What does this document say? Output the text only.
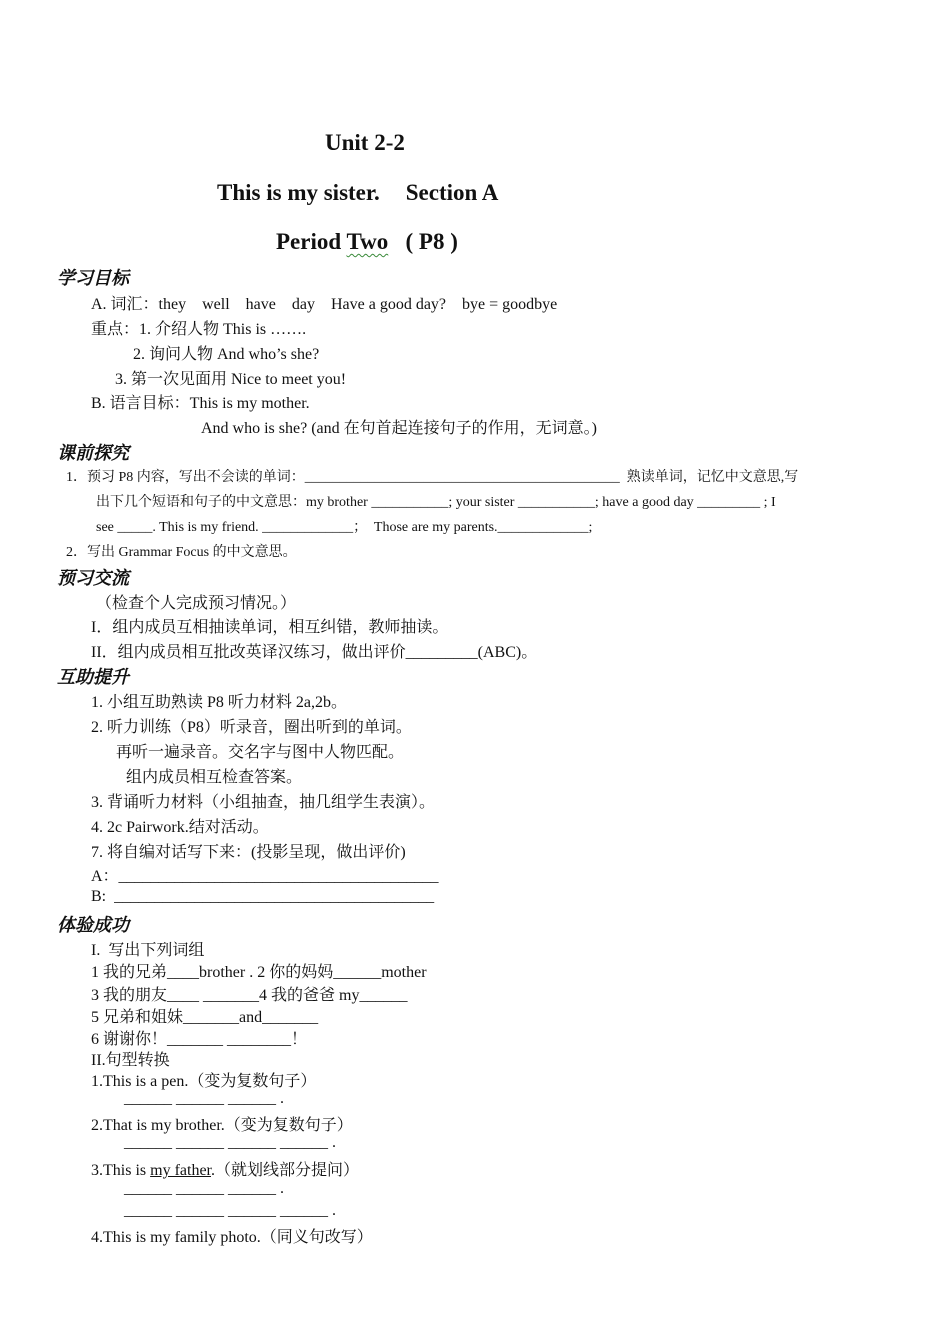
Unit 2-2
This is my sister. Section A
Period Two   ( P8 )
学习目标
A. 词汇：they    well    have    day    Have a good day?    bye = goodbye
重点：1. 介绍人物 This is …….
2. 询问人物 And who’s she?
3. 第一次见面用 Nice to meet you!
B. 语言目标：This is my mother.
And who is she? (and 在句首起连接句子的作用，无词意。)
课前探究
1．预习 P8 内容，写出不会读的单词：_____________________________________________  熟读单词，记忆中文意思,写
出下几个短语和句子的中文意思：my brother ___________; your sister ___________; have a good day _________ ; I
see _____. This is my friend. _____________；  Those are my parents._____________;
2．写出 Grammar Focus 的中文意思。
预习交流
（检查个人完成预习情况。）
I．组内成员互相抽读单词，相互纠错，教师抽读。
II．组内成员相互批改英译汉练习，做出评价_________(ABC)。
互助提升
1. 小组互助熟读 P8 听力材料 2a,2b。
2. 听力训练（P8）听录音，圈出听到的单词。
再听一遍录音。交名字与图中人物匹配。
组内成员相互检查答案。
3. 背诵听力材料（小组抽查，抽几组学生表演）。
4. 2c Pairwork.结对活动。
7. 将自编对话写下来：(投影呈现，做出评价)
A：________________________________________
B:  ________________________________________
体验成功
I.  写出下列词组
1 我的兄弟____brother . 2 你的妈妈______mother
3 我的朋友____ _______4 我的爸爸 my______
5 兄弟和姐妹_______and_______
6 谢谢你！_______ ________！
II.句型转换
1.This is a pen.（变为复数句子）
______ ______ ______ .
2.That is my brother.（变为复数句子）
______ ______ ______ ______ .
3.This is my father.（就划线部分提问）
______ ______ ______ .
______ ______ ______ ______ .
4.This is my family photo.（同义句改写）
